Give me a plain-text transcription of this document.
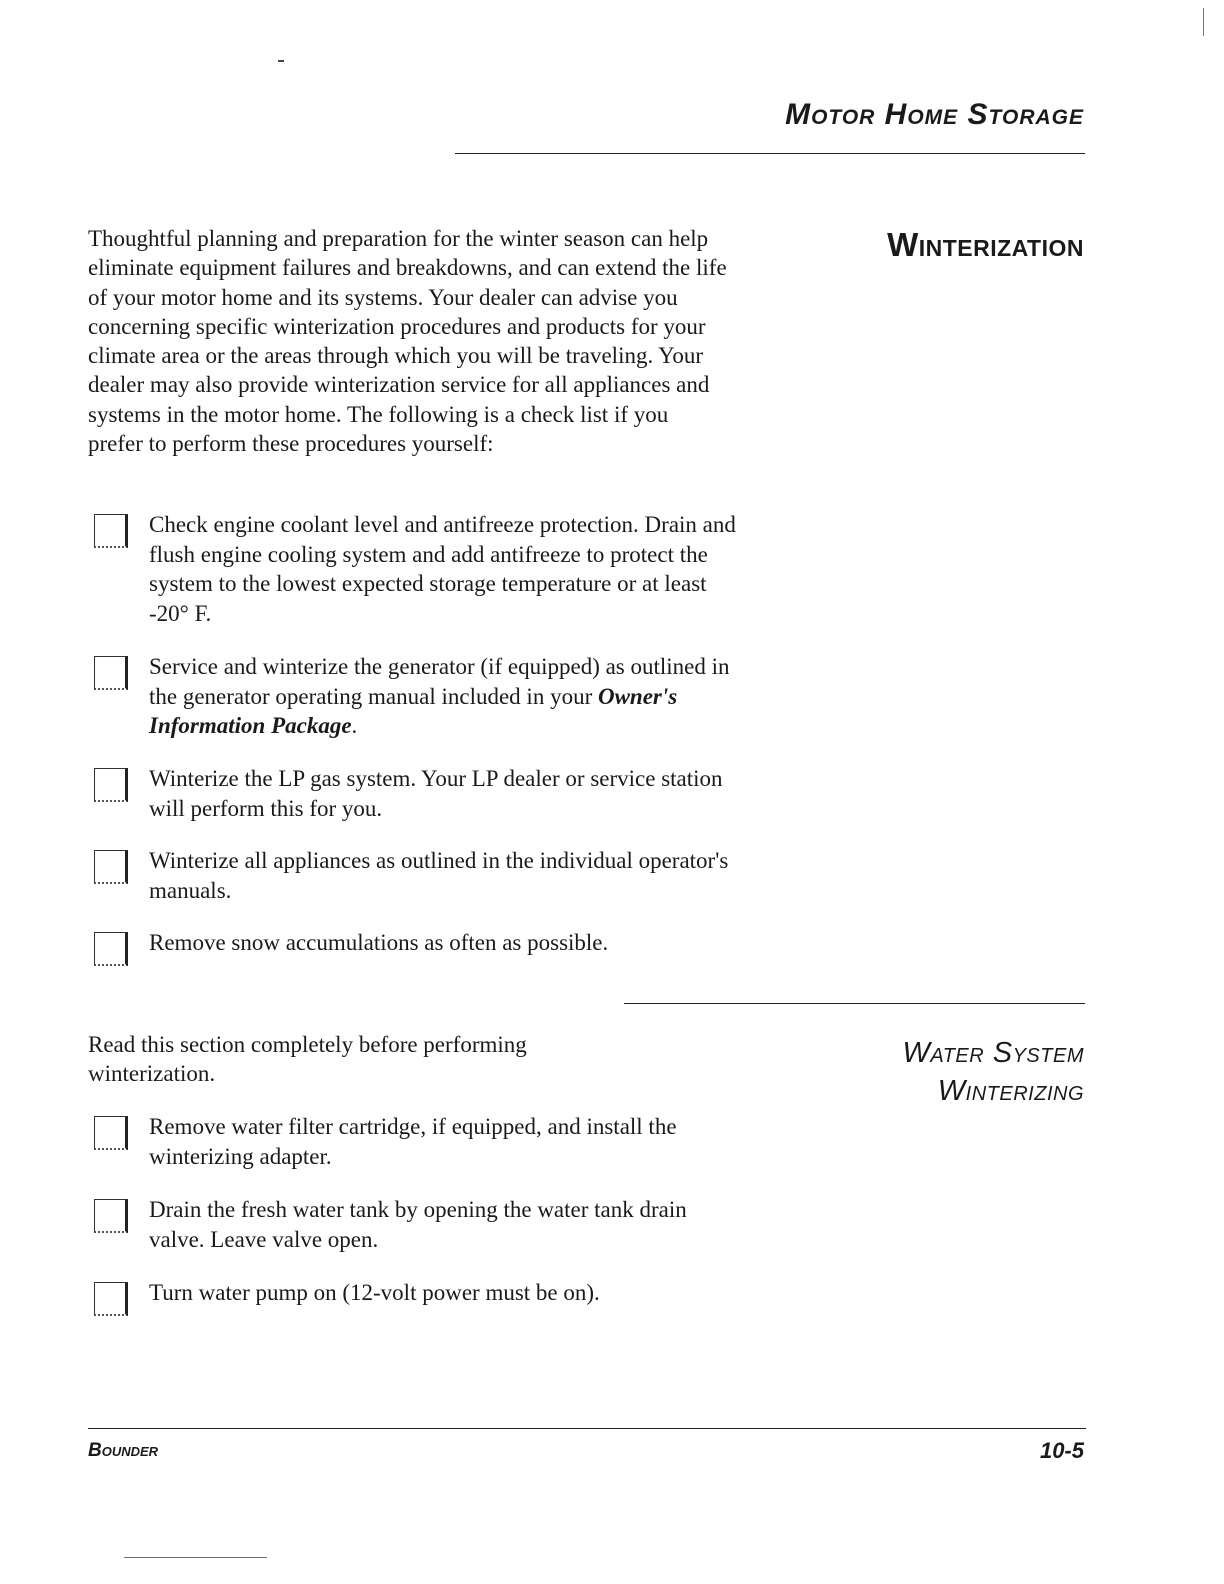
Motor Home Storage
Winterization
Thoughtful planning and preparation for the winter season can help eliminate equipment failures and breakdowns, and can extend the life of your motor home and its systems. Your dealer can advise you concerning specific winterization procedures and products for your climate area or the areas through which you will be traveling. Your dealer may also provide winterization service for all appliances and systems in the motor home. The following is a check list if you prefer to perform these procedures yourself:
Check engine coolant level and antifreeze protection. Drain and flush engine cooling system and add antifreeze to protect the system to the lowest expected storage temperature or at least -20° F.
Service and winterize the generator (if equipped) as outlined in the generator operating manual included in your Owner's Information Package.
Winterize the LP gas system. Your LP dealer or service station will perform this for you.
Winterize all appliances as outlined in the individual operator's manuals.
Remove snow accumulations as often as possible.
Water System
Winterizing
Read this section completely before performing winterization.
Remove water filter cartridge, if equipped, and install the winterizing adapter.
Drain the fresh water tank by opening the water tank drain valve. Leave valve open.
Turn water pump on (12-volt power must be on).
Bounder	10-5
